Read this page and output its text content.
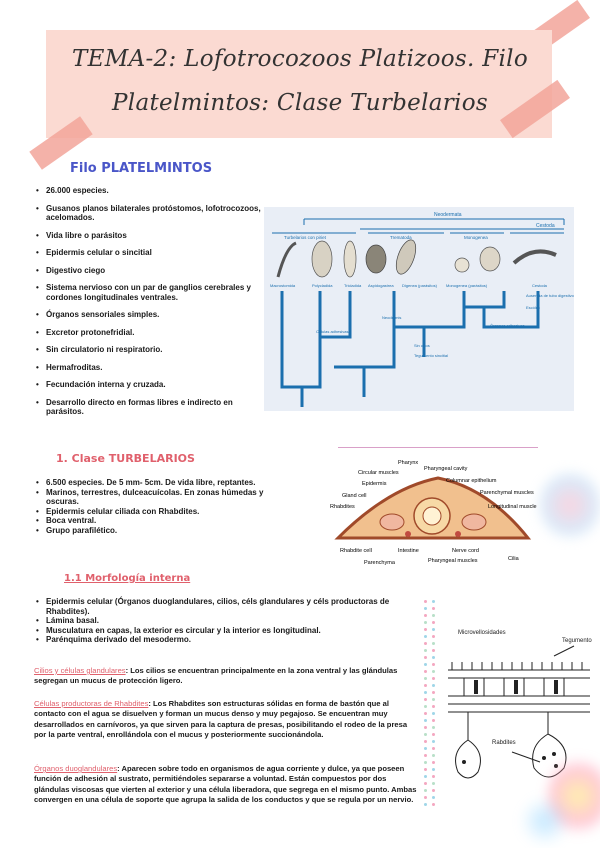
TEMA-2: Lofotrocozoos Platizoos. Filo
Platelmintos: Clase Turbelarios
Filo PLATELMINTOS
• 26.000 especies.
• Gusanos planos bilaterales protóstomos, lofotrocozoos, acelomados.
• Vida libre o parásitos
• Epidermis celular o sincitial
• Digestivo ciego
• Sistema nervioso con un par de ganglios cerebrales y cordones longitudinales ventrales.
• Órganos sensoriales simples.
• Excretor protonefridial.
• Sin circulatorio ni respiratorio.
• Hermafroditas.
• Fecundación interna y cruzada.
• Desarrollo directo en formas libres e indirecto en parásitos.
Neodermata
Cestoda
Turbelarios con piriet	Trematoda	Monogenea
Macrostomida	Polycladida	Tricladida Aspidogastrea Digenea (parásitos) Monogenea (parásitos)	Cestoda
Ausencia de tubo digestivo
Escólex
Sin cilios
Tegumento sincitial
Neodermis
Órganos adhesivos
Células adhesivas
1. Clase TURBELARIOS
• 6.500 especies. De 5 mm- 5cm. De vida libre, reptantes.
• Marinos, terrestres, dulceacuícolas. En zonas húmedas y oscuras.
• Epidermis celular ciliada con Rhabdites.
• Boca ventral.
• Grupo parafilético.
Pharynx
Circular muscles
Pharyngeal cavity
Epidermis	Columnar epithelium
Gland cell	Parenchymal muscles
Rhabdites	Longitudinal muscle
Rhabdite cell	Intestine	Nerve cord
Cilia
Parenchyma	Pharyngeal muscles
1.1 Morfología interna
• Epidermis celular (Órganos duoglandulares, cilios, céls glandulares y céls productoras de Rhabdites).
• Lámina basal.
• Musculatura en capas, la exterior es circular y la interior es longitudinal.
• Parénquima derivado del mesodermo.
Cilios y células glandulares: Los cilios se encuentran principalmente en la zona ventral y las glándulas segregan un mucus de protección ligero.
Células productoras de Rhabdites: Los Rhabdites son estructuras sólidas en forma de bastón que al contacto con el agua se disuelven y forman un mucus denso y muy pegajoso. Se encuentran muy desarrollados en carnívoros, ya que sirven para la captura de presas, posibilitando el rodeo de la presa por la parte ventral, enrollándola con el mucus y posteriormente succionándola.
Órganos duoglandulares: Aparecen sobre todo en organismos de agua corriente y dulce, ya que poseen función de adhesión al sustrato, permitiéndoles separarse a voluntad. Están compuestos por dos glándulas viscosas que vierten al exterior y una célula liberadora, que segrega en el mismo punto. Ambas convergen en una célula de soporte que agrupa la salida de los conductos y que se regula por un nervio.
Microvellosidades
Tegumento
Rabdites
